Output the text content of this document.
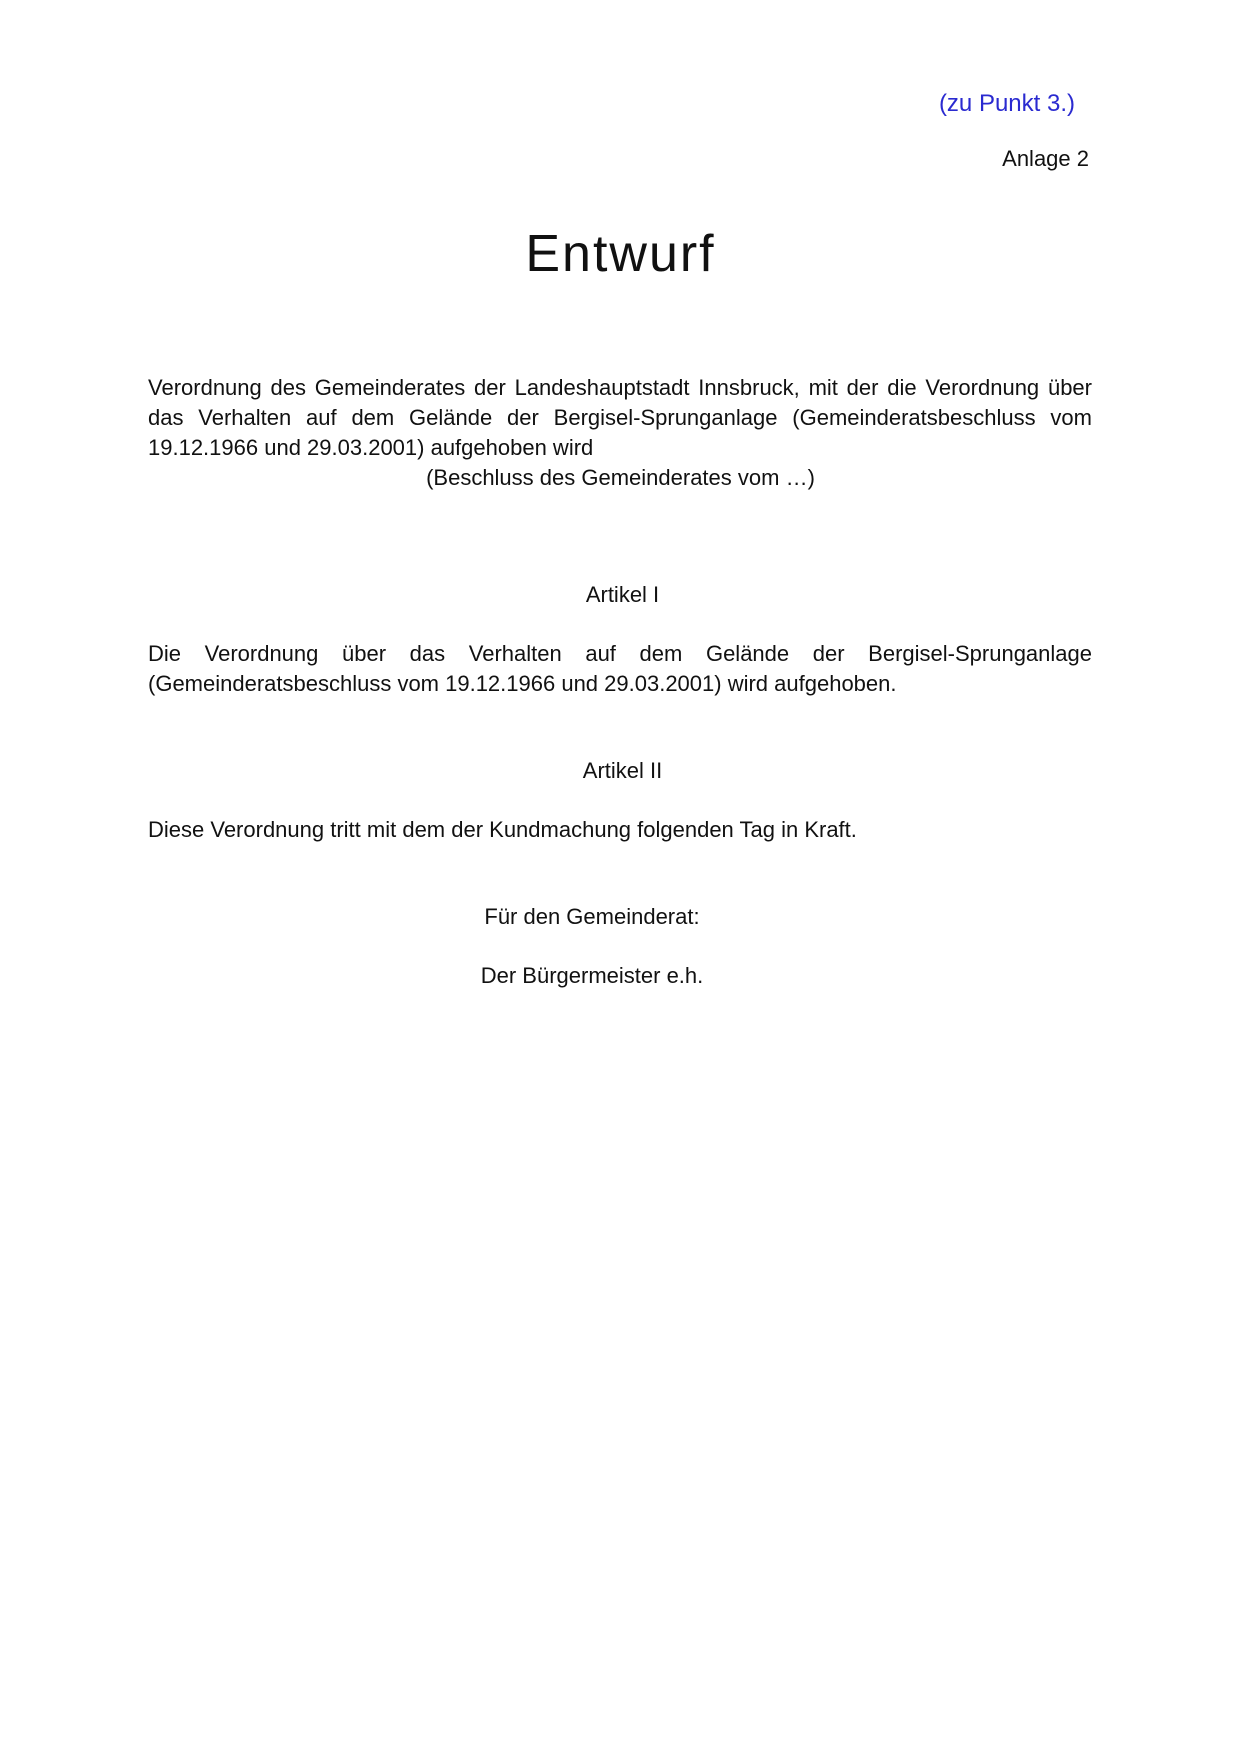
(zu Punkt 3.)
Anlage 2
Entwurf
Verordnung des Gemeinderates der Landeshauptstadt Innsbruck, mit der die Verordnung über das Verhalten auf dem Gelände der Bergisel-Sprunganlage (Gemeinderatsbeschluss vom 19.12.1966 und 29.03.2001) aufgehoben wird
(Beschluss des Gemeinderates vom …)
Artikel I
Die Verordnung über das Verhalten auf dem Gelände der Bergisel-Sprunganlage (Gemeinderatsbeschluss vom 19.12.1966 und 29.03.2001) wird aufgehoben.
Artikel II
Diese Verordnung tritt mit dem der Kundmachung folgenden Tag in Kraft.
Für den Gemeinderat:
Der Bürgermeister e.h.
